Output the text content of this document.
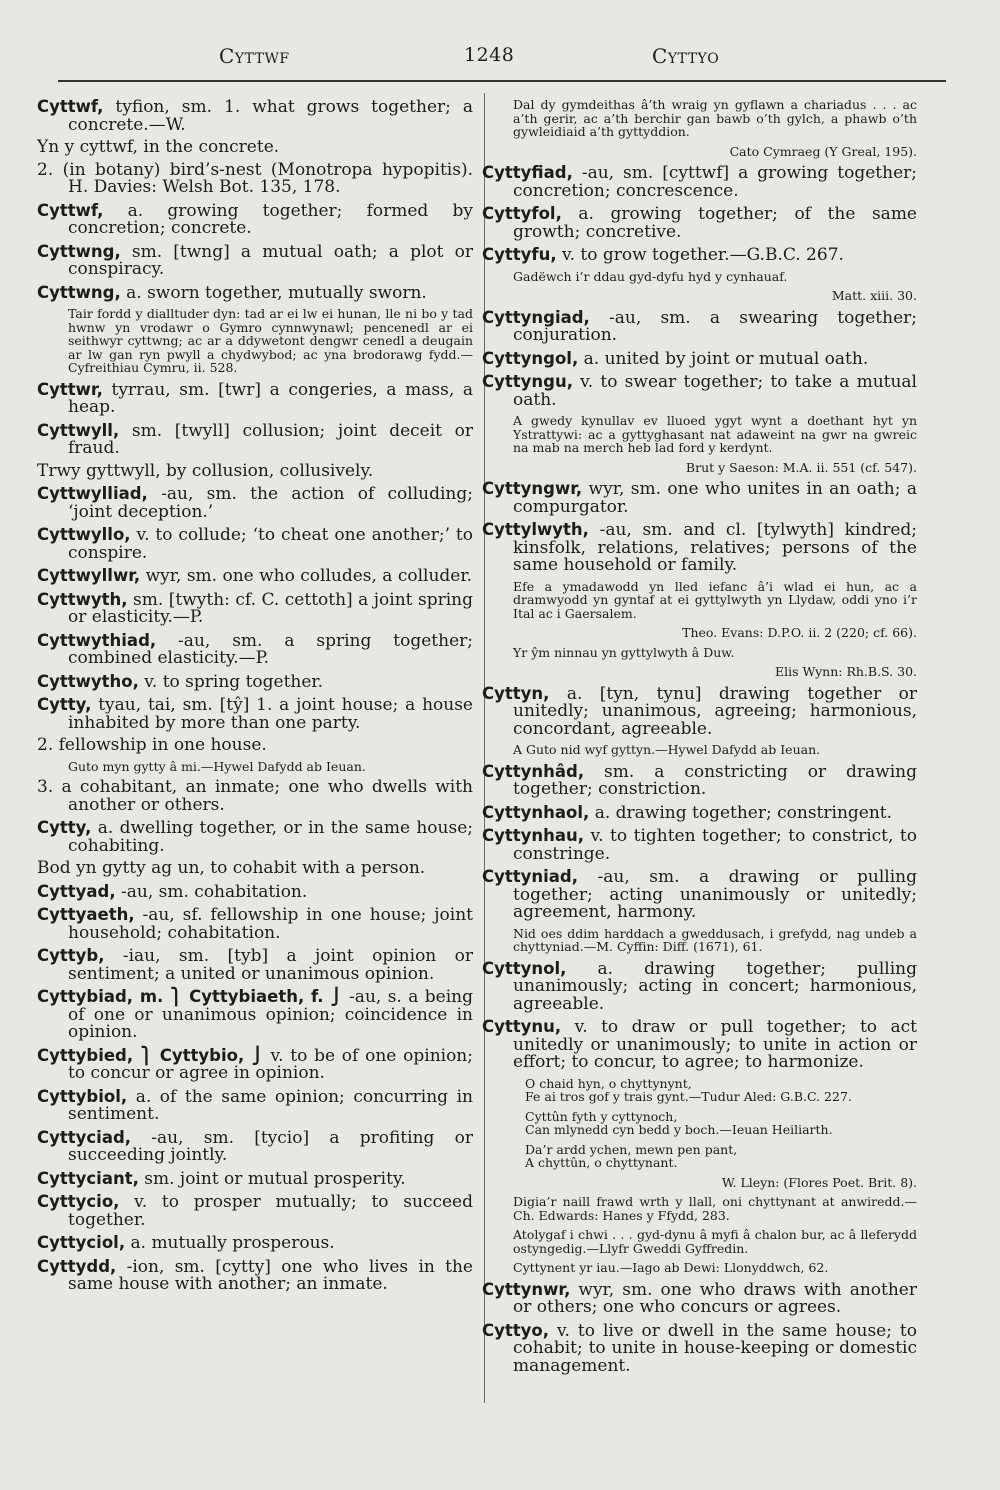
Cyttwf	1248	Cyttyo

Cyttwf, tyfion, sm. 1. what grows together; a concrete.—W.

Yn y cyttwf, in the concrete.

2. (in botany) bird’s-nest (Monotropa hypopitis). H. Davies: Welsh Bot. 135, 178.

Cyttwf, a. growing together; formed by concretion; concrete.

Cyttwng, sm. [twng] a mutual oath; a plot or conspiracy.

Cyttwng, a. sworn together, mutually sworn.

Tair fordd y dialltuder dyn: tad ar ei lw ei hunan, lle ni bo y tad hwnw yn vrodawr o Gymro cynnwynawl; pencenedl ar ei seithwyr cyttwng; ac ar a ddywetont dengwr cenedl a deugain ar lw gan ryn pwyll a chydwybod; ac yna brodorawg fydd.—Cyfreithiau Cymru, ii. 528.

Cyttwr, tyrrau, sm. [twr] a congeries, a mass, a heap.

Cyttwyll, sm. [twyll] collusion; joint deceit or fraud.

Trwy gyttwyll, by collusion, collusively.

Cyttwylliad, -au, sm. the action of colluding; ‘joint deception.’

Cyttwyllo, v. to collude; ‘to cheat one another;’ to conspire.

Cyttwyllwr, wyr, sm. one who colludes, a colluder.

Cyttwyth, sm. [twyth: cf. C. cettoth] a joint spring or elasticity.—P.

Cyttwythiad, -au, sm. a spring together; combined elasticity.—P.

Cyttwytho, v. to spring together.

Cytty, tyau, tai, sm. [tŷ] 1. a joint house; a house inhabited by more than one party.

2. fellowship in one house.

Guto myn gytty â mi.—Hywel Dafydd ab Ieuan.

3. a cohabitant, an inmate; one who dwells with another or others.

Cytty, a. dwelling together, or in the same house; cohabiting.

Bod yn gytty ag un, to cohabit with a person.

Cyttyad, -au, sm. cohabitation.

Cyttyaeth, -au, sf. fellowship in one house; joint household; cohabitation.

Cyttyb, -iau, sm. [tyb] a joint opinion or sentiment; a united or unanimous opinion.

Cyttybiad, m. ⎫ Cyttybiaeth, f. ⎭ -au, s. a being of one or unanimous opinion; coincidence in opinion.

Cyttybied, ⎫ Cyttybio, ⎭ v. to be of one opinion; to concur or agree in opinion.

Cyttybiol, a. of the same opinion; concurring in sentiment.

Cyttyciad, -au, sm. [tycio] a profiting or succeeding jointly.

Cyttyciant, sm. joint or mutual prosperity.

Cyttycio, v. to prosper mutually; to succeed together.

Cyttyciol, a. mutually prosperous.

Cyttydd, -ion, sm. [cytty] one who lives in the same house with another; an inmate.

Dal dy gymdeithas â’th wraig yn gyflawn a chariadus . . . ac a’th gerir, ac a’th berchir gan bawb o’th gylch, a phawb o’th gywleidiaid a’th gyttyddion.

Cato Cymraeg (Y Greal, 195).

Cyttyfiad, -au, sm. [cyttwf] a growing together; concretion; concrescence.

Cyttyfol, a. growing together; of the same growth; concretive.

Cyttyfu, v. to grow together.—G.B.C. 267.

Gadëwch i’r ddau gyd-dyfu hyd y cynhauaf.

Matt. xiii. 30.

Cyttyngiad, -au, sm. a swearing together; conjuration.

Cyttyngol, a. united by joint or mutual oath.

Cyttyngu, v. to swear together; to take a mutual oath.

A gwedy kynullav ev lluoed ygyt wynt a doethant hyt yn Ystrattywi: ac a gyttyghasant nat adaweint na gwr na gwreic na mab na merch heb lad ford y kerdynt.

Brut y Saeson: M.A. ii. 551 (cf. 547).

Cyttyngwr, wyr, sm. one who unites in an oath; a compurgator.

Cyttylwyth, -au, sm. and cl. [tylwyth] kindred; kinsfolk, relations, relatives; persons of the same household or family.

Efe a ymadawodd yn lled iefanc â’i wlad ei hun, ac a dramwyodd yn gyntaf at ei gyttylwyth yn Llydaw, oddi yno i’r Ital ac i Gaersalem.

Theo. Evans: D.P.O. ii. 2 (220; cf. 66).

Yr ŷm ninnau yn gyttylwyth â Duw.

Elis Wynn: Rh.B.S. 30.

Cyttyn, a. [tyn, tynu] drawing together or unitedly; unanimous, agreeing; harmonious, concordant, agreeable.

A Guto nid wyf gyttyn.—Hywel Dafydd ab Ieuan.

Cyttynhâd, sm. a constricting or drawing together; constriction.

Cyttynhaol, a. drawing together; constringent.

Cyttynhau, v. to tighten together; to constrict, to constringe.

Cyttyniad, -au, sm. a drawing or pulling together; acting unanimously or unitedly; agreement, harmony.

Nid oes ddim harddach a gweddusach, i grefydd, nag undeb a chyttyniad.—M. Cyffin: Diff. (1671), 61.

Cyttynol, a. drawing together; pulling unanimously; acting in concert; harmonious, agreeable.

Cyttynu, v. to draw or pull together; to act unitedly or unanimously; to unite in action or effort; to concur, to agree; to harmonize.

O chaid hyn, o chyttynynt,
Fe ai tros gof y trais gynt.—Tudur Aled: G.B.C. 227.
Cyttûn fyth y cyttynoch,
Can mlynedd cyn bedd y boch.—Ieuan Heiliarth.
Da’r ardd ychen, mewn pen pant,
A chyttûn, o chyttynant.

W. Lleyn: (Flores Poet. Brit. 8).

Digia’r naill frawd wrth y llall, oni chyttynant at anwiredd.—Ch. Edwards: Hanes y Ffydd, 283.

Atolygaf i chwi . . . gyd-dynu â myfi â chalon bur, ac â lleferydd ostyngedig.—Llyfr Gweddi Gyffredin.

Cyttynent yr iau.—Iago ab Dewi: Llonyddwch, 62.

Cyttynwr, wyr, sm. one who draws with another or others; one who concurs or agrees.

Cyttyo, v. to live or dwell in the same house; to cohabit; to unite in house-keeping or domestic management.
